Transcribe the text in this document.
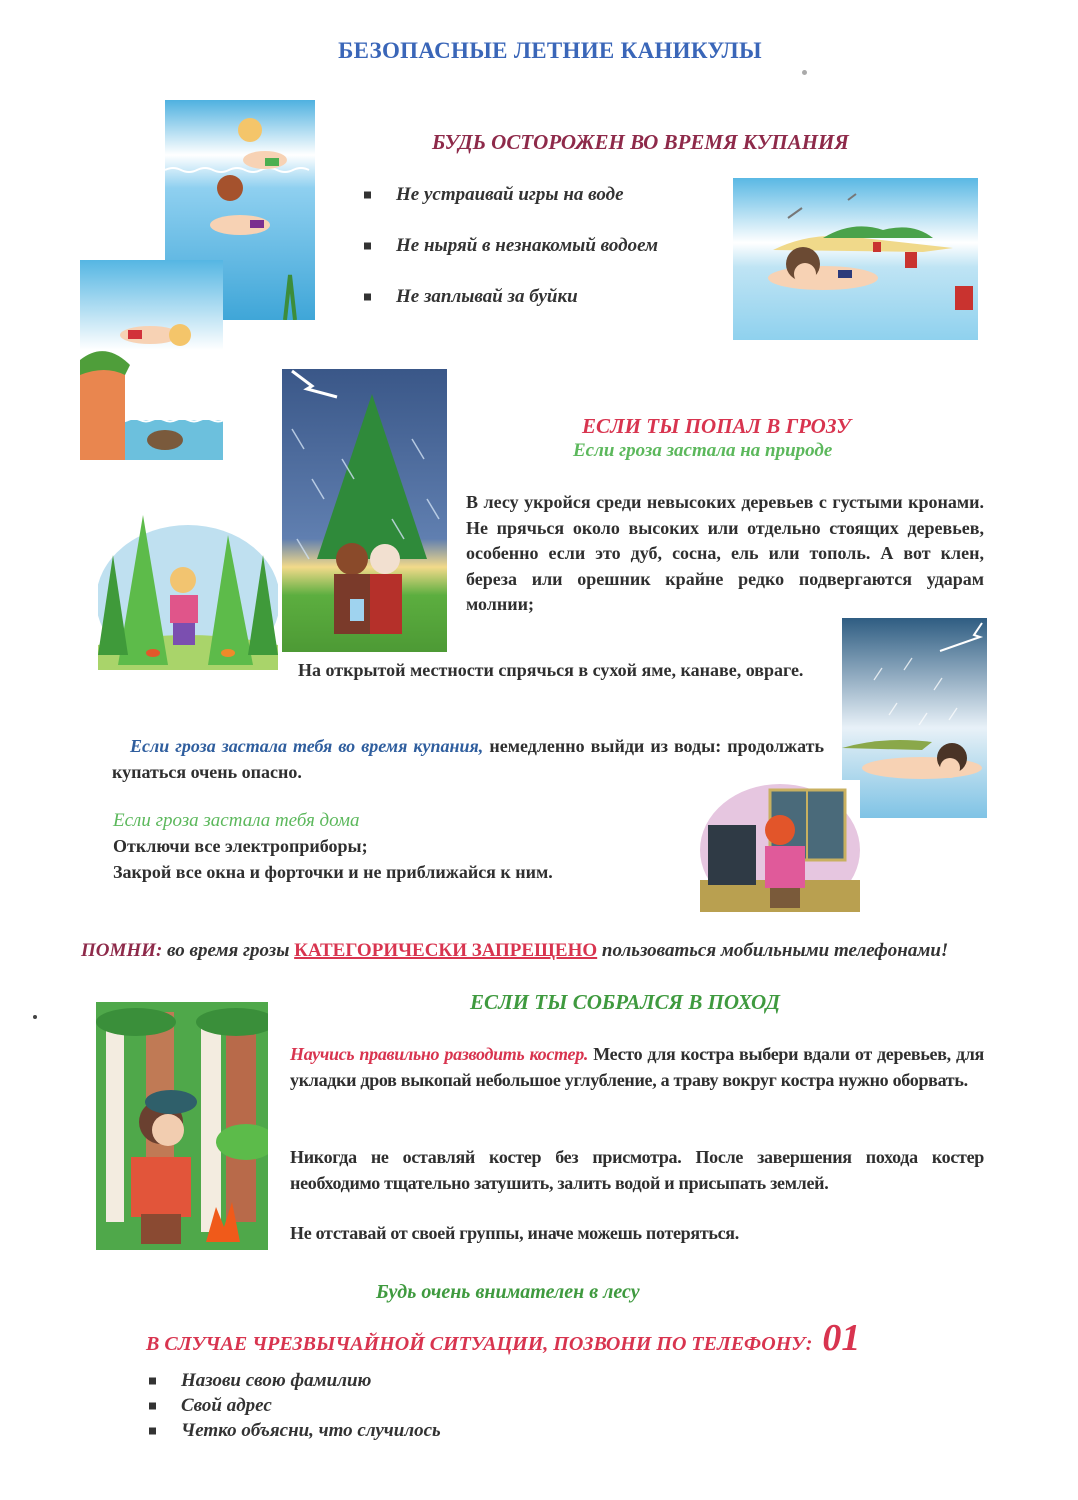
БЕЗОПАСНЫЕ ЛЕТНИЕ КАНИКУЛЫ
БУДЬ ОСТОРОЖЕН ВО ВРЕМЯ КУПАНИЯ
Не устраивай игры на воде
Не ныряй в незнакомый водоем
Не заплывай за буйки
ЕСЛИ ТЫ ПОПАЛ В ГРОЗУ
Если гроза застала на природе
В лесу укройся среди невысоких деревьев с густыми кронами. Не прячься около высоких или отдельно стоящих деревьев, особенно если это дуб, сосна, ель или тополь. А вот клен, береза или орешник крайне редко подвергаются ударам молнии;
На открытой местности спрячься в сухой яме, канаве, овраге.
Если гроза застала тебя во время купания, немедленно выйди из воды: продолжать купаться очень опасно.
Если гроза застала тебя дома
Отключи все электроприборы;
Закрой все окна и форточки и не приближайся к ним.
ПОМНИ: во время грозы КАТЕГОРИЧЕСКИ ЗАПРЕЩЕНО пользоваться мобильными телефонами!
ЕСЛИ ТЫ СОБРАЛСЯ В ПОХОД
Научись правильно разводить костер. Место для костра выбери вдали от деревьев, для укладки дров выкопай небольшое углубление, а траву вокруг костра нужно оборвать.
Никогда не оставляй костер без присмотра. После завершения похода костер необходимо тщательно затушить, залить водой и присыпать землей.
Не отставай от своей группы, иначе можешь потеряться.
Будь очень внимателен в лесу
В СЛУЧАЕ ЧРЕЗВЫЧАЙНОЙ СИТУАЦИИ, ПОЗВОНИ ПО ТЕЛЕФОНУ: 01
Назови свою фамилию
Свой адрес
Четко объясни, что случилось
